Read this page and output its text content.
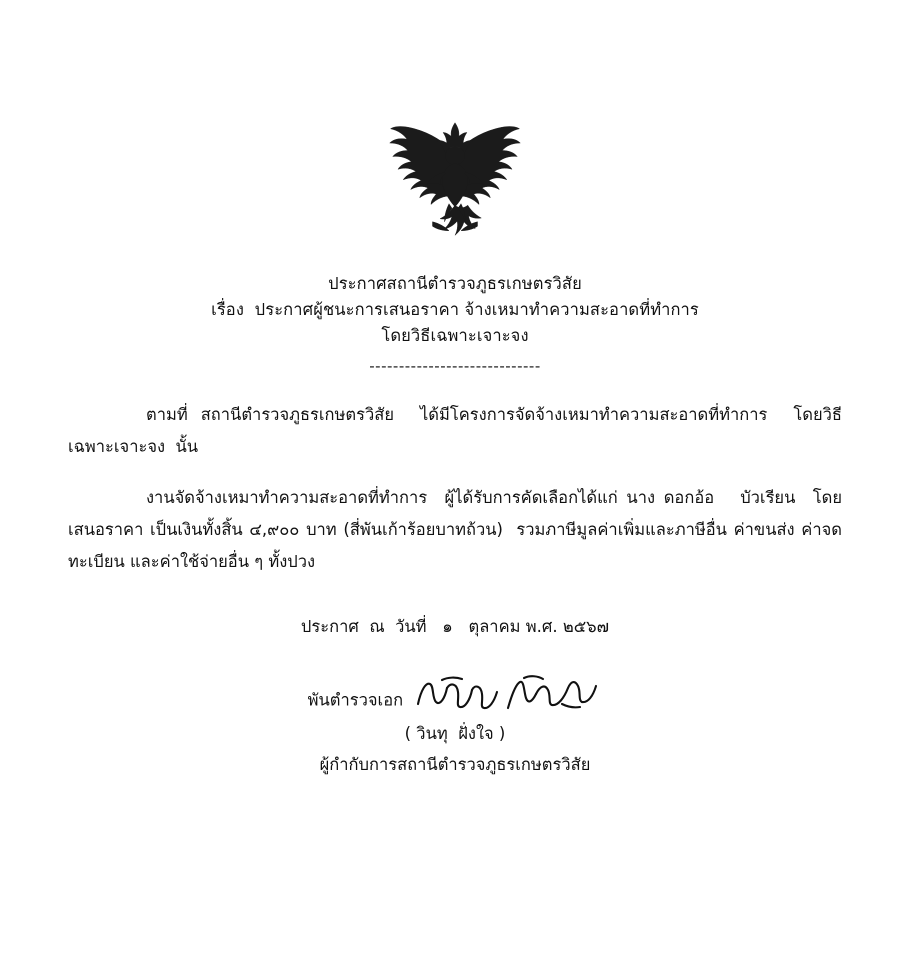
ประกาศสถานีตำรวจภูธรเกษตรวิสัย
เรื่อง  ประกาศผู้ชนะการเสนอราคา จ้างเหมาทำความสะอาดที่ทำการ
โดยวิธีเฉพาะเจาะจง
-----------------------------

ตามที่ สถานีตำรวจภูธรเกษตรวิสัย  ได้มีโครงการจัดจ้างเหมาทำความสะอาดที่ทำการ  โดยวิธีเฉพาะเจาะจง  นั้น

งานจัดจ้างเหมาทำความสะอาดที่ทำการ  ผู้ได้รับการคัดเลือกได้แก่ นาง ดอกอ้อ   บัวเรียน  โดยเสนอราคา เป็นเงินทั้งสิ้น ๔,๙๐๐ บาท (สี่พันเก้าร้อยบาทถ้วน)  รวมภาษีมูลค่าเพิ่มและภาษีอื่น ค่าขนส่ง ค่าจดทะเบียน และค่าใช้จ่ายอื่น ๆ ทั้งปวง

ประกาศ  ณ  วันที่   ๑   ตุลาคม พ.ศ. ๒๕๖๗
พันตำรวจเอก
( วินทุ  ฝั่งใจ )
ผู้กำกับการสถานีตำรวจภูธรเกษตรวิสัย
